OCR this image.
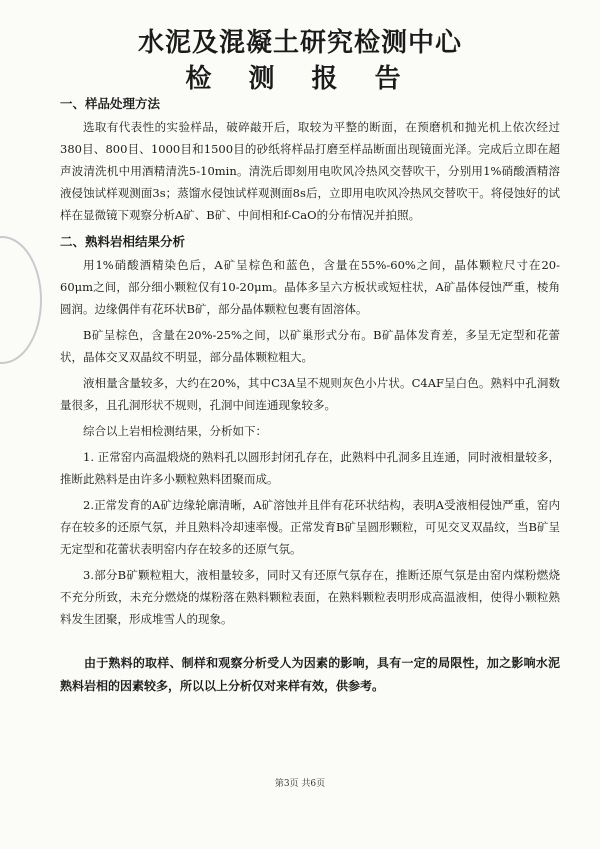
水泥及混凝土研究检测中心
检 测 报 告
一、样品处理方法

选取有代表性的实验样品，破碎敲开后，取较为平整的断面，在预磨机和抛光机上依次经过380目、800目、1000目和1500目的砂纸将样品打磨至样品断面出现镜面光泽。完成后立即在超声波清洗机中用酒精清洗5-10min。清洗后即刻用电吹风冷热风交替吹干，分别用1%硝酸酒精溶液侵蚀试样观测面3s；蒸馏水侵蚀试样观测面8s后，立即用电吹风冷热风交替吹干。将侵蚀好的试样在显微镜下观察分析A矿、B矿、中间相和f-CaO的分布情况并拍照。

二、熟料岩相结果分析

用1%硝酸酒精染色后，A矿呈棕色和蓝色，含量在55%-60%之间，晶体颗粒尺寸在20-60μm之间，部分细小颗粒仅有10-20μm。晶体多呈六方板状或短柱状，A矿晶体侵蚀严重，棱角圆润。边缘偶伴有花环状B矿，部分晶体颗粒包裹有固溶体。

B矿呈棕色，含量在20%-25%之间，以矿巢形式分布。B矿晶体发育差，多呈无定型和花蕾状，晶体交叉双晶纹不明显，部分晶体颗粒粗大。

液相量含量较多，大约在20%，其中C3A呈不规则灰色小片状。C4AF呈白色。熟料中孔洞数量很多，且孔洞形状不规则，孔洞中间连通现象较多。

综合以上岩相检测结果，分析如下：

1. 正常窑内高温煅烧的熟料孔以圆形封闭孔存在，此熟料中孔洞多且连通，同时液相量较多，推断此熟料是由许多小颗粒熟料团聚而成。

2.正常发育的A矿边缘轮廓清晰，A矿溶蚀并且伴有花环状结构，表明A受液相侵蚀严重，窑内存在较多的还原气氛，并且熟料冷却速率慢。正常发育B矿呈圆形颗粒，可见交叉双晶纹，当B矿呈无定型和花蕾状表明窑内存在较多的还原气氛。

3.部分B矿颗粒粗大，液相量较多，同时又有还原气氛存在，推断还原气氛是由窑内煤粉燃烧不充分所致，未充分燃烧的煤粉落在熟料颗粒表面，在熟料颗粒表明形成高温液相，使得小颗粒熟料发生团聚，形成堆雪人的现象。

由于熟料的取样、制样和观察分析受人为因素的影响，具有一定的局限性，加之影响水泥熟料岩相的因素较多，所以以上分析仅对来样有效，供参考。

第3页 共6页
